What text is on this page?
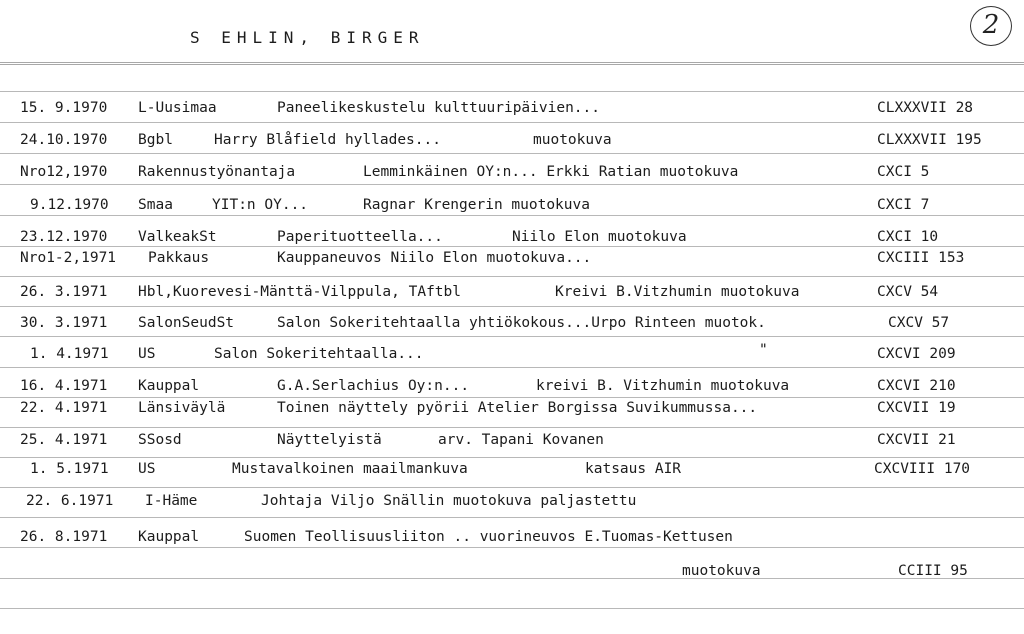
S EHLIN, BIRGER	2
15. 9.1970 L-Uusimaa	Paneelikeskustelu kulttuuripäivien...	CLXXXVII 28
24.10.1970 Bgbl	Harry Blåfield hyllades...	muotokuva	CLXXXVII 195
Nro12,1970 Rakennustyönantaja	Lemminkäinen OY:n... Erkki Ratian muotokuva	CXCI 5
9.12.1970 Smaa	YIT:n OY...	Ragnar Krengerin muotokuva	CXCI 7
23.12.1970 ValkeakSt	Paperituotteella...	Niilo Elon muotokuva	CXCI 10
Nro1-2,1971 Pakkaus	Kauppaneuvos Niilo Elon muotokuva...	CXCIII 153
26. 3.1971 Hbl,Kuorevesi-Mänttä-Vilppula, TAftbl	Kreivi B.Vitzhumin muotokuva	CXCV 54
30. 3.1971 SalonSeudSt	Salon Sokeritehtaalla yhtiökokous...Urpo Rinteen muotok.	CXCV 57
1. 4.1971 US	Salon Sokeritehtaalla...	"	CXCVI 209
16. 4.1971 Kauppal	G.A.Serlachius Oy:n...	kreivi B. Vitzhumin muotokuva	CXCVI 210
22. 4.1971 Länsiväylä	Toinen näyttely pyörii Atelier Borgissa Suvikummussa...	CXCVII 19
25. 4.1971 SSosd	Näyttelyistä	arv. Tapani Kovanen	CXCVII 21
1. 5.1971 US	Mustavalkoinen maailmankuva	katsaus AIR	CXCVIII 170
22. 6.1971 I-Häme	Johtaja Viljo Snällin muotokuva paljastettu
26. 8.1971 Kauppal	Suomen Teollisuusliiton .. vuorineuvos E.Tuomas-Kettusen
muotokuva	CCIII 95
